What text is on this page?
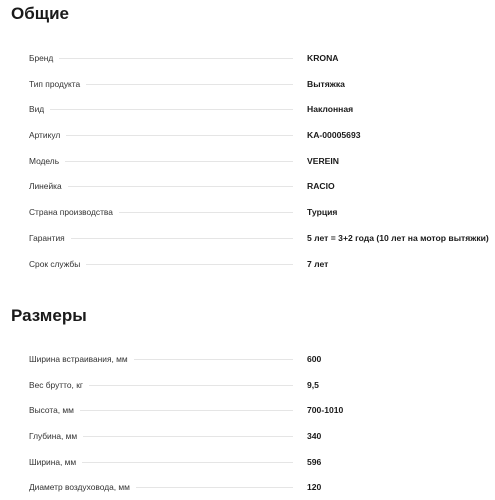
Общие
Бренд	KRONA
Тип продукта	Вытяжка
Вид	Наклонная
Артикул	KA-00005693
Модель	VEREIN
Линейка	RACIO
Страна производства	Турция
Гарантия	5 лет = 3+2 года (10 лет на мотор вытяжки)
Срок службы	7 лет
Размеры
Ширина встраивания, мм	600
Вес брутто, кг	9,5
Высота, мм	700-1010
Глубина, мм	340
Ширина, мм	596
Диаметр воздуховода, мм	120
